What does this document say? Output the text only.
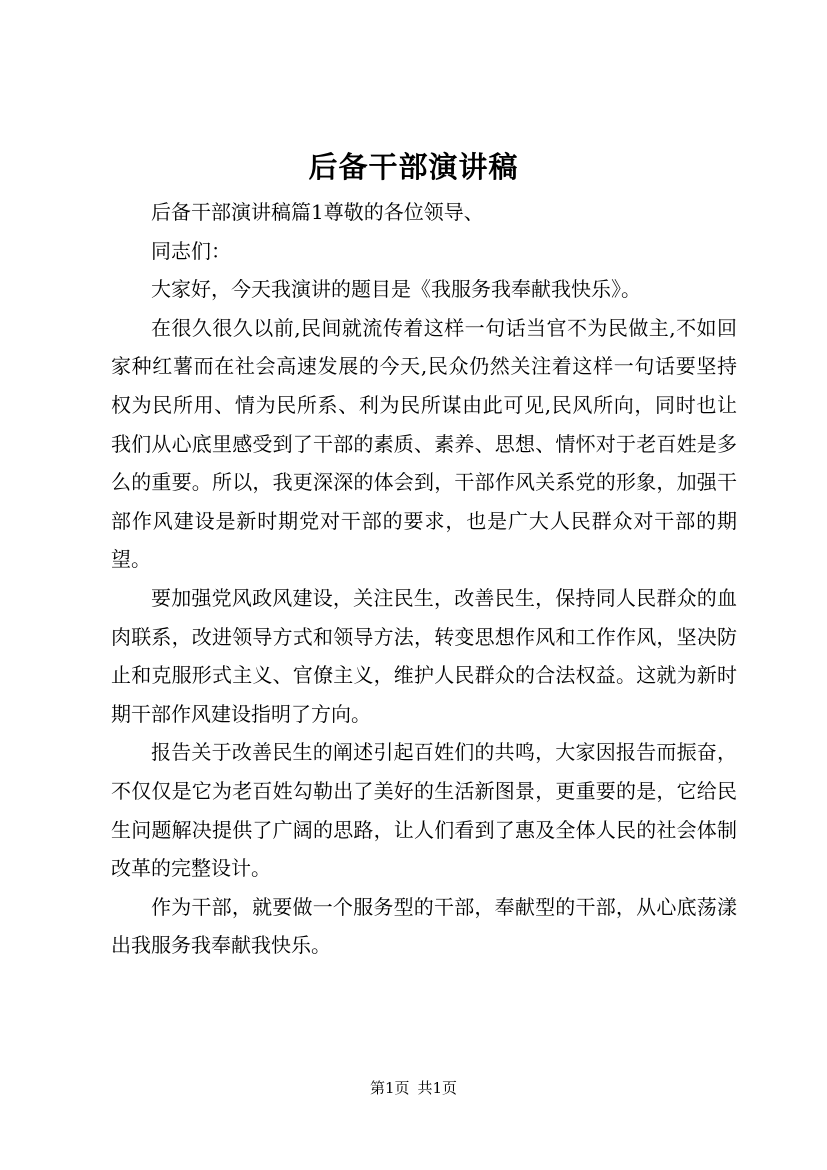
后备干部演讲稿

后备干部演讲稿篇1尊敬的各位领导、

同志们：

大家好，今天我演讲的题目是《我服务我奉献我快乐》。

在很久很久以前,民间就流传着这样一句话当官不为民做主,不如回家种红薯而在社会高速发展的今天,民众仍然关注着这样一句话要坚持权为民所用、情为民所系、利为民所谋由此可见,民风所向，同时也让我们从心底里感受到了干部的素质、素养、思想、情怀对于老百姓是多么的重要。所以，我更深深的体会到，干部作风关系党的形象，加强干部作风建设是新时期党对干部的要求，也是广大人民群众对干部的期望。

要加强党风政风建设，关注民生，改善民生，保持同人民群众的血肉联系，改进领导方式和领导方法，转变思想作风和工作作风，坚决防止和克服形式主义、官僚主义，维护人民群众的合法权益。这就为新时期干部作风建设指明了方向。

报告关于改善民生的阐述引起百姓们的共鸣，大家因报告而振奋，不仅仅是它为老百姓勾勒出了美好的生活新图景，更重要的是，它给民生问题解决提供了广阔的思路，让人们看到了惠及全体人民的社会体制改革的完整设计。

作为干部，就要做一个服务型的干部，奉献型的干部，从心底荡漾出我服务我奉献我快乐。

第1页 共1页
